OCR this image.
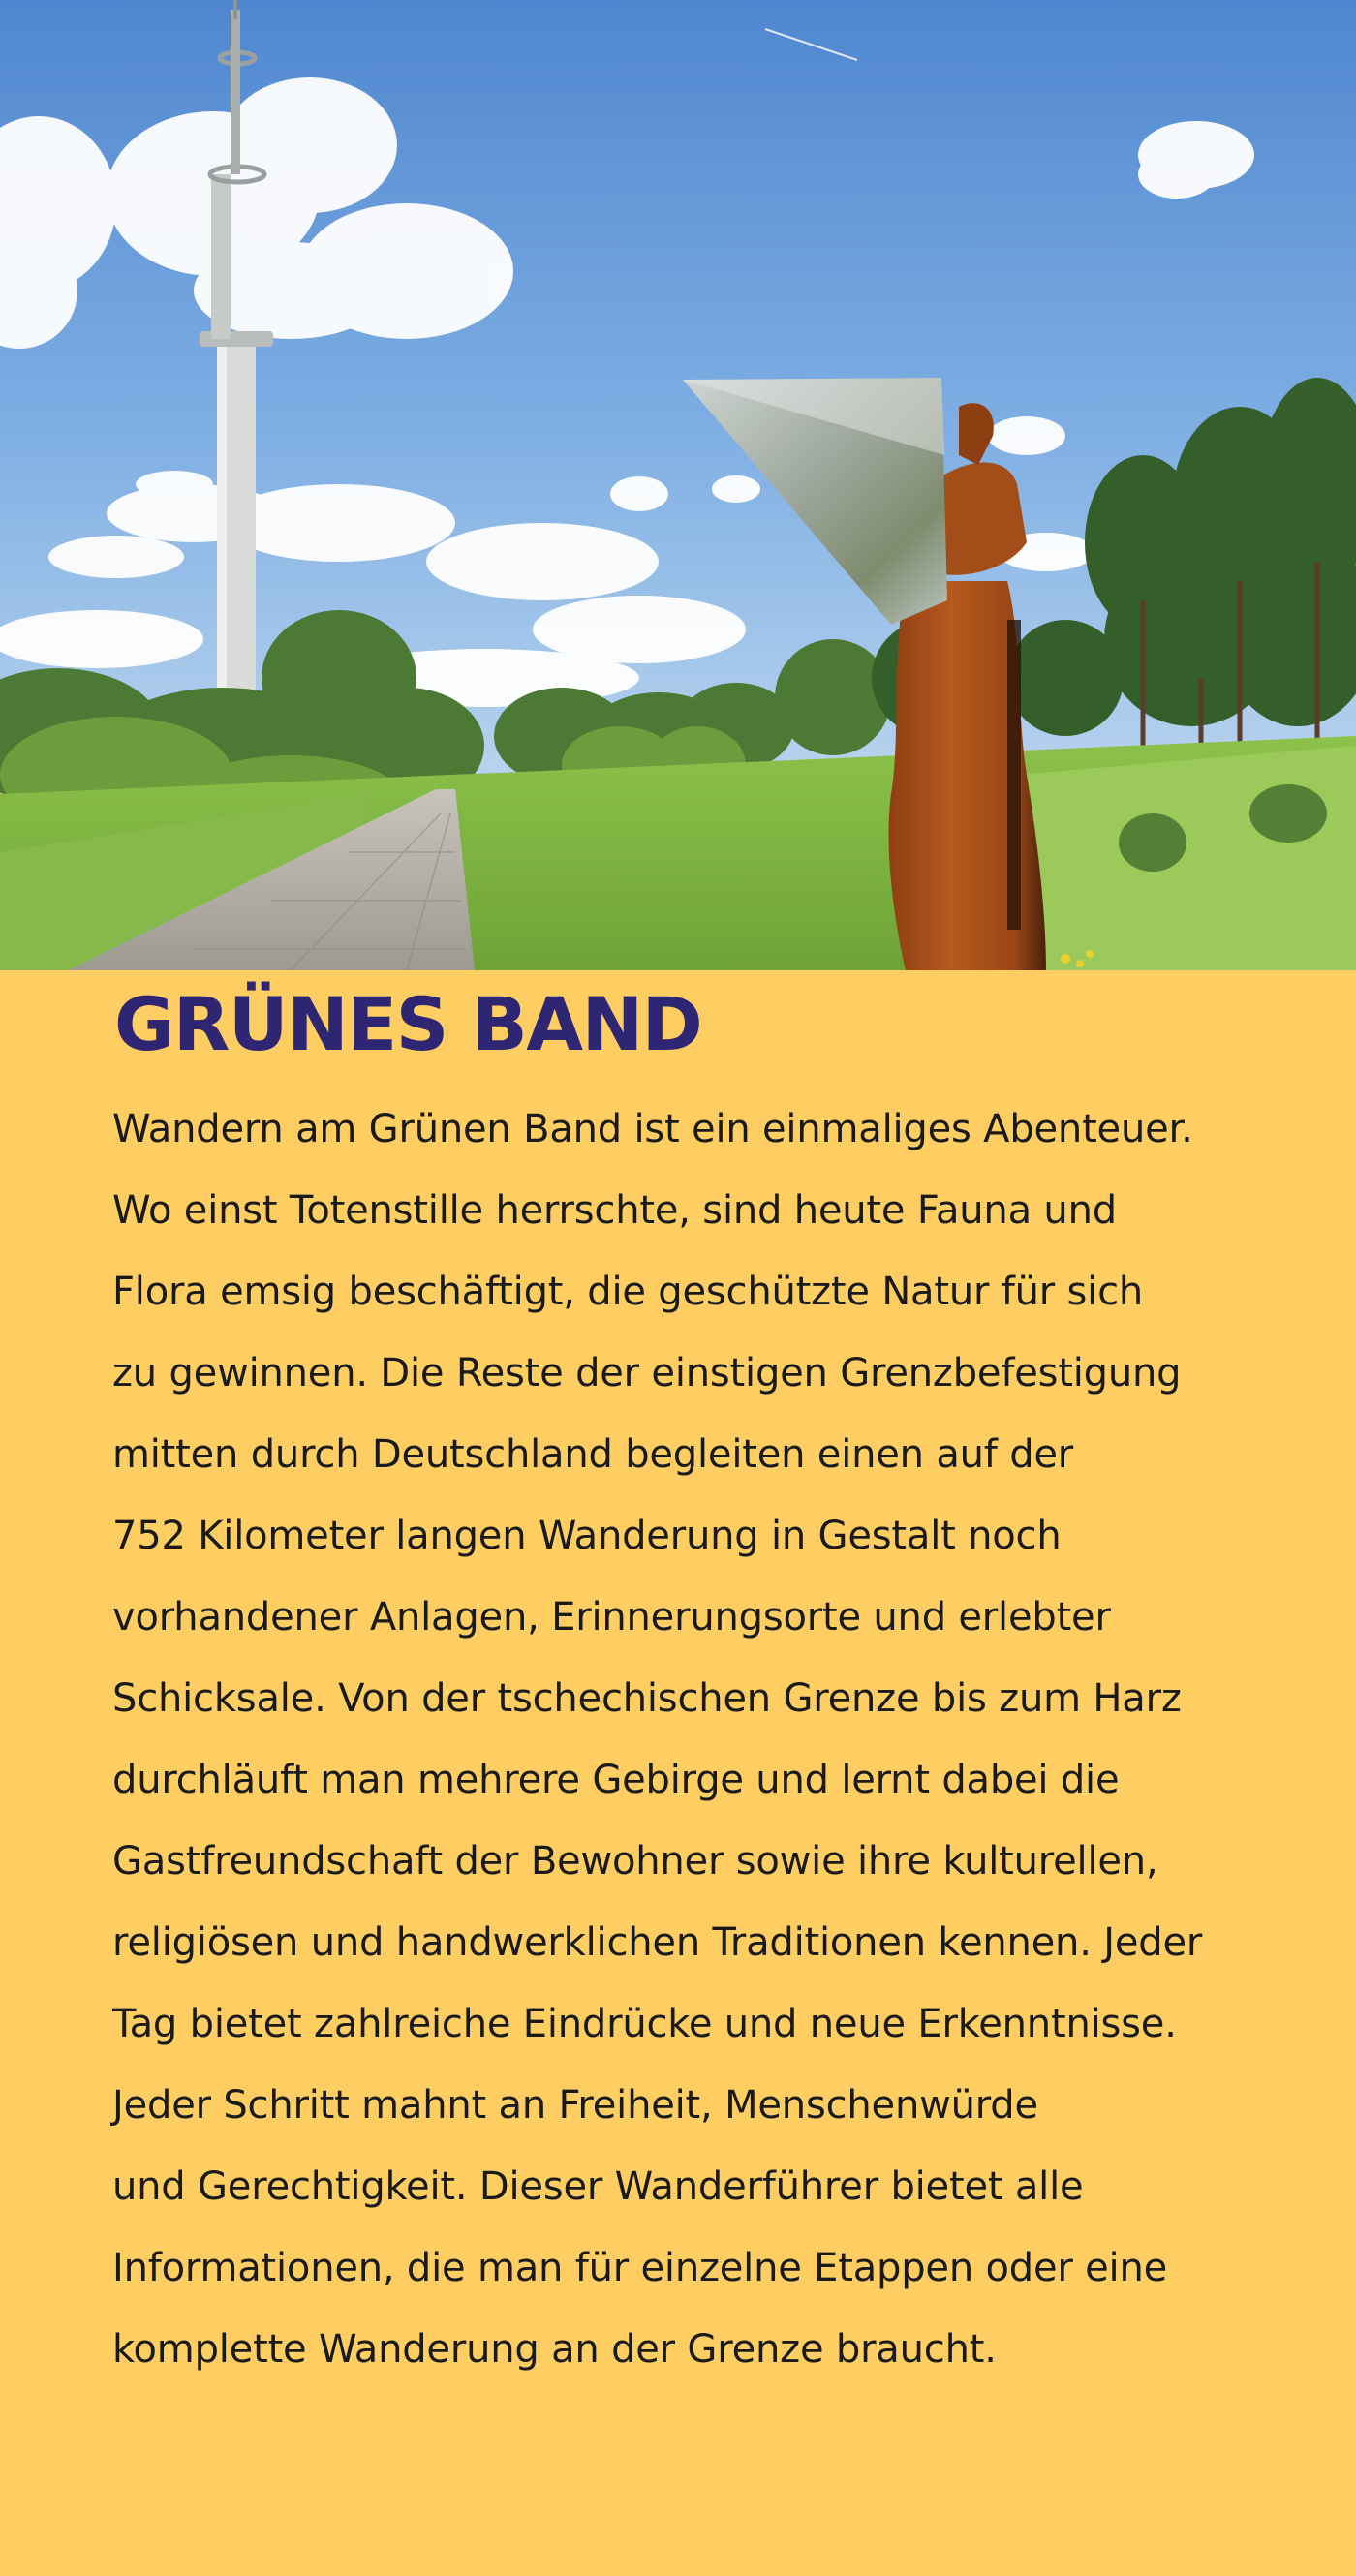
GRÜNES BAND
Wandern am Grünen Band ist ein einmaliges Abenteuer.
Wo einst Totenstille herrschte, sind heute Fauna und
Flora emsig beschäftigt, die geschützte Natur für sich
zu gewinnen. Die Reste der einstigen Grenzbefestigung
mitten durch Deutschland begleiten einen auf der
752 Kilometer langen Wanderung in Gestalt noch
vorhandener Anlagen, Erinnerungsorte und erlebter
Schicksale. Von der tschechischen Grenze bis zum Harz
durchläuft man mehrere Gebirge und lernt dabei die
Gastfreundschaft der Bewohner sowie ihre kulturellen,
religiösen und handwerklichen Traditionen kennen. Jeder
Tag bietet zahlreiche Eindrücke und neue Erkenntnisse.
Jeder Schritt mahnt an Freiheit, Menschenwürde
und Gerechtigkeit. Dieser Wanderführer bietet alle
Informationen, die man für einzelne Etappen oder eine
komplette Wanderung an der Grenze braucht.
